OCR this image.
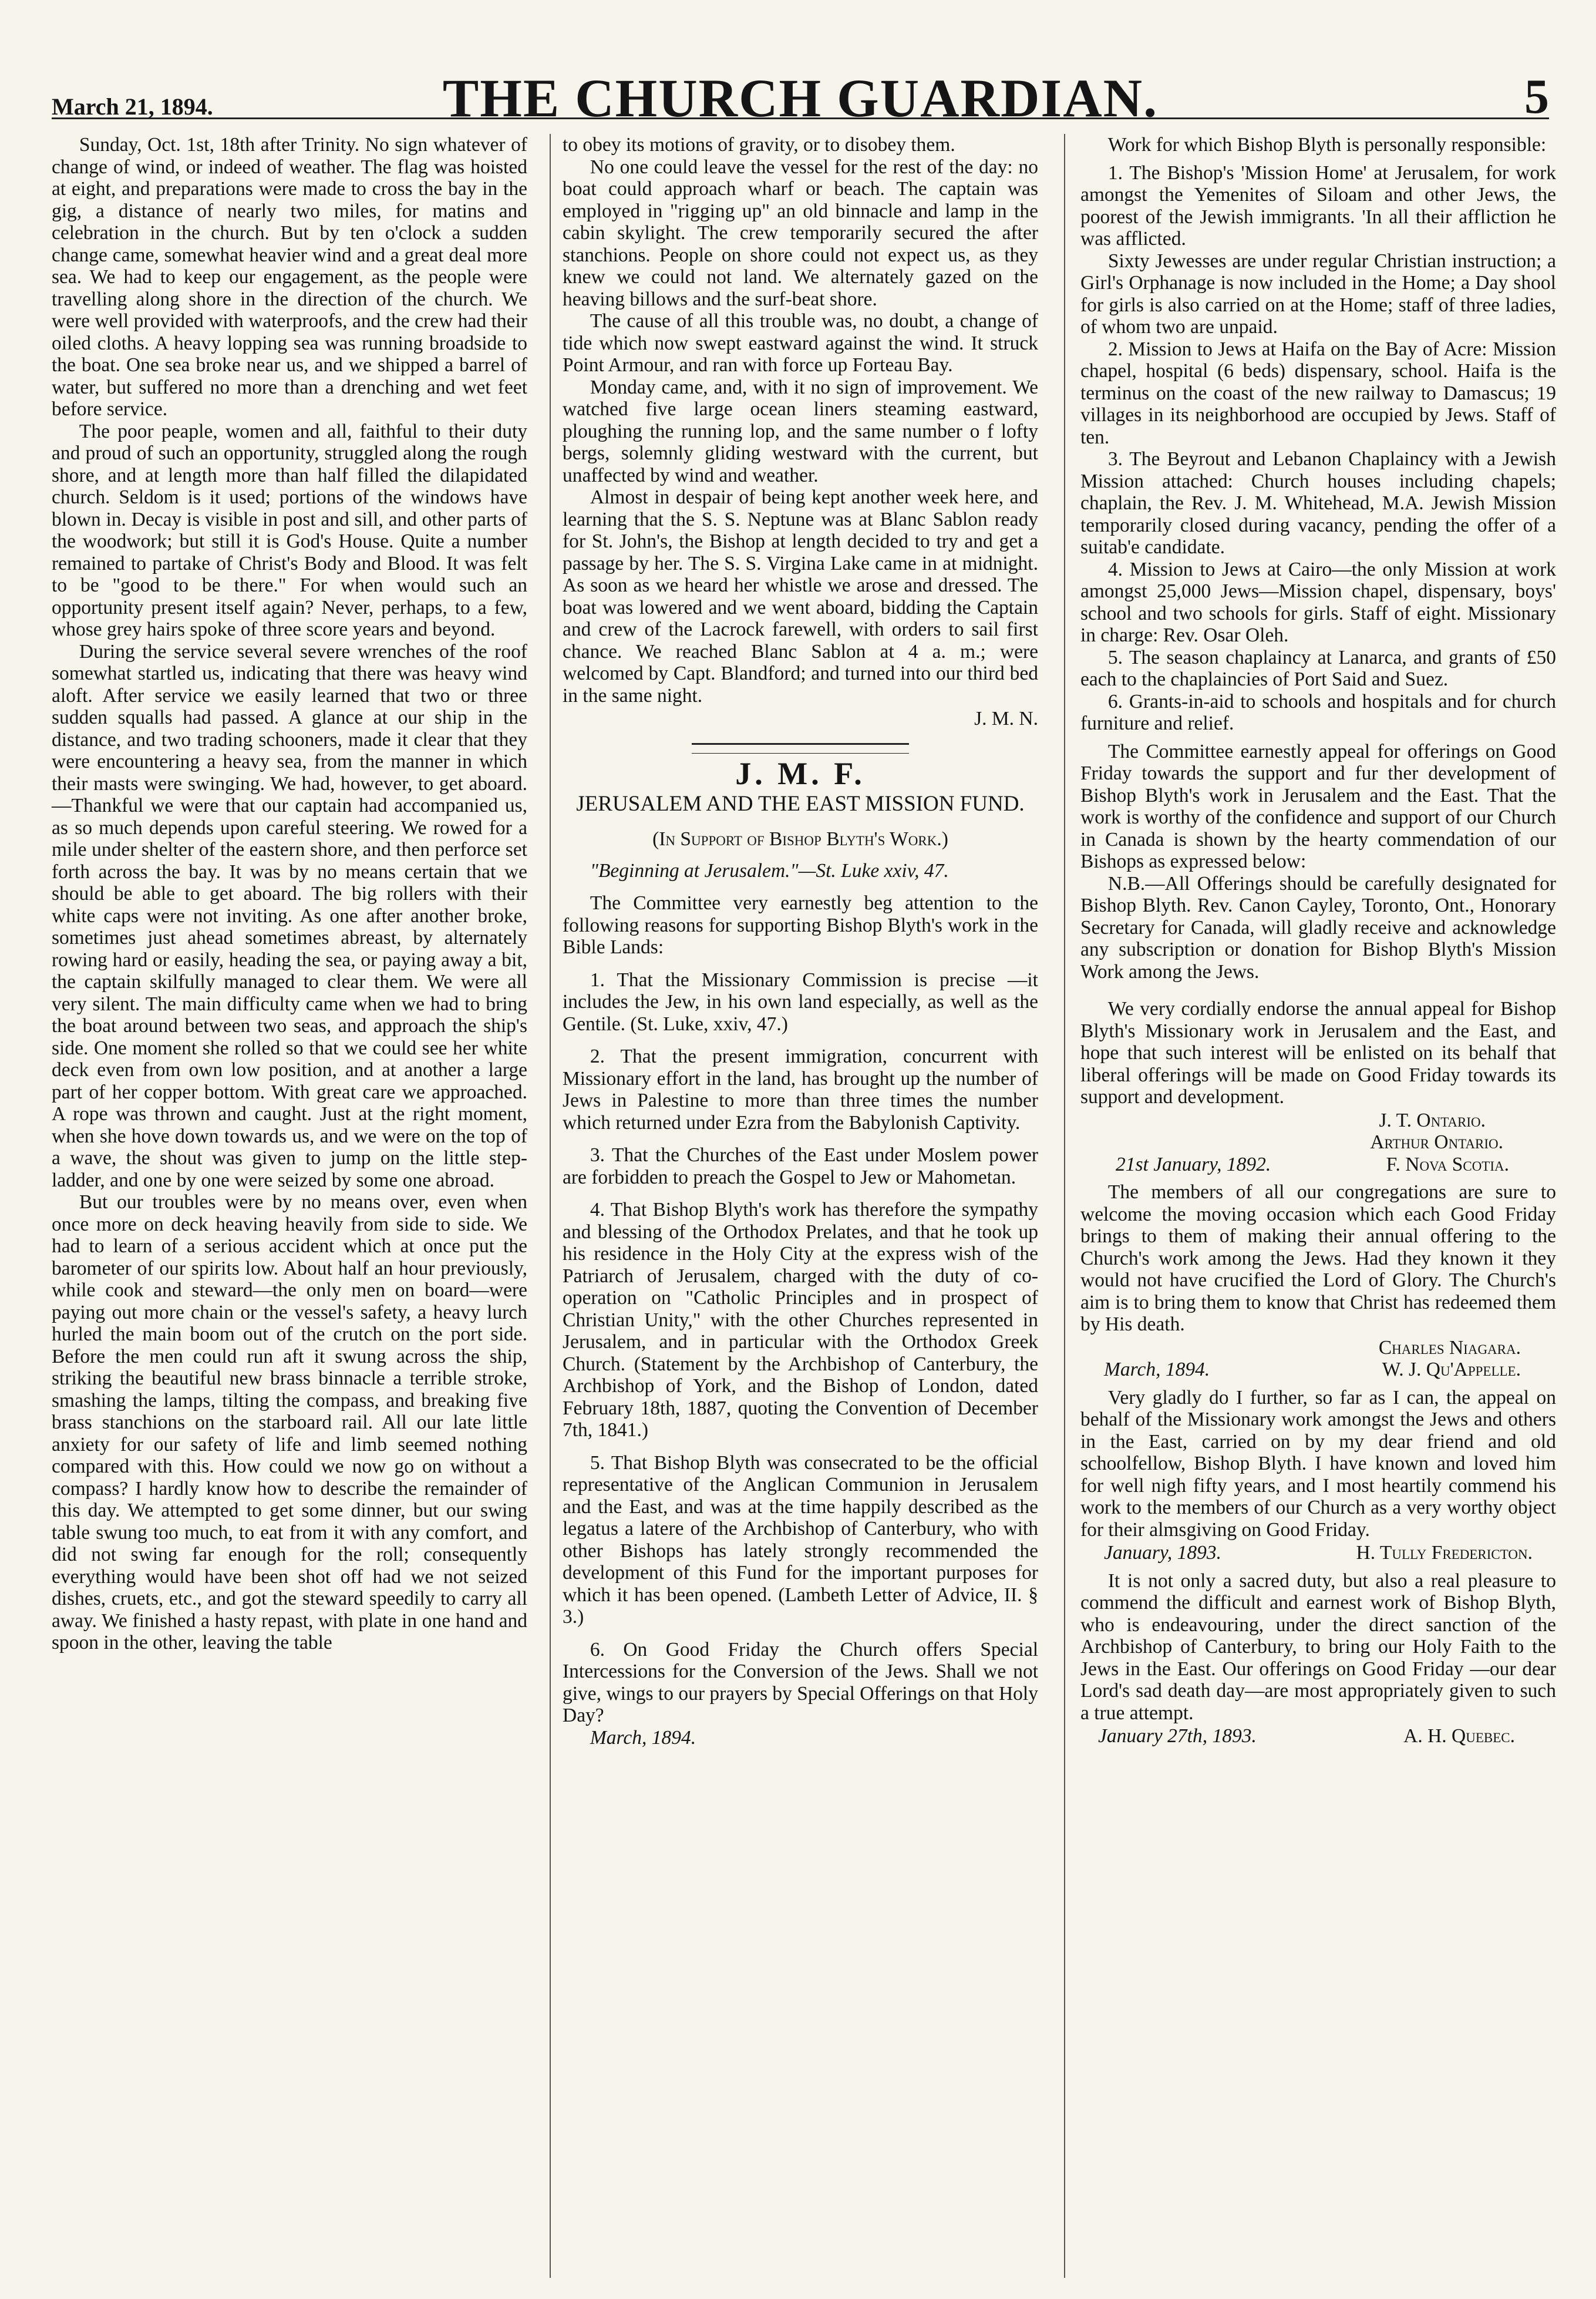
March 21, 1894.	THE CHURCH GUARDIAN.	5

Sunday, Oct. 1st, 18th after Trinity. No sign whatever of change of wind, or indeed of weather. The flag was hoisted at eight, and preparations were made to cross the bay in the gig, a distance of nearly two miles, for matins and celebration in the church. But by ten o'clock a sudden change came, somewhat heavier wind and a great deal more sea. We had to keep our engagement, as the people were travelling along shore in the direction of the church. We were well provided with waterproofs, and the crew had their oiled cloths. A heavy lopping sea was running broadside to the boat. One sea broke near us, and we shipped a barrel of water, but suffered no more than a drenching and wet feet before service.

The poor peaple, women and all, faithful to their duty and proud of such an opportunity, struggled along the rough shore, and at length more than half filled the dilapidated church. Seldom is it used; portions of the windows have blown in. Decay is visible in post and sill, and other parts of the woodwork; but still it is God's House. Quite a number remained to partake of Christ's Body and Blood. It was felt to be "good to be there." For when would such an opportunity present itself again? Never, perhaps, to a few, whose grey hairs spoke of three score years and beyond.

During the service several severe wrenches of the roof somewhat startled us, indicating that there was heavy wind aloft. After service we easily learned that two or three sudden squalls had passed. A glance at our ship in the distance, and two trading schooners, made it clear that they were encountering a heavy sea, from the manner in which their masts were swinging. We had, however, to get aboard. —Thankful we were that our captain had accompanied us, as so much depends upon careful steering. We rowed for a mile under shelter of the eastern shore, and then perforce set forth across the bay. It was by no means certain that we should be able to get aboard. The big rollers with their white caps were not inviting. As one after another broke, sometimes just ahead sometimes abreast, by alternately rowing hard or easily, heading the sea, or paying away a bit, the captain skilfully managed to clear them. We were all very silent. The main difficulty came when we had to bring the boat around between two seas, and approach the ship's side. One moment she rolled so that we could see her white deck even from own low position, and at another a large part of her copper bottom. With great care we approached. A rope was thrown and caught. Just at the right moment, when she hove down towards us, and we were on the top of a wave, the shout was given to jump on the little step-ladder, and one by one were seized by some one abroad.

But our troubles were by no means over, even when once more on deck heaving heavily from side to side. We had to learn of a serious accident which at once put the barometer of our spirits low. About half an hour previously, while cook and steward—the only men on board—were paying out more chain or the vessel's safety, a heavy lurch hurled the main boom out of the crutch on the port side. Before the men could run aft it swung across the ship, striking the beautiful new brass binnacle a terrible stroke, smashing the lamps, tilting the compass, and breaking five brass stanchions on the starboard rail. All our late little anxiety for our safety of life and limb seemed nothing compared with this. How could we now go on without a compass? I hardly know how to describe the remainder of this day. We attempted to get some dinner, but our swing table swung too much, to eat from it with any comfort, and did not swing far enough for the roll; consequently everything would have been shot off had we not seized dishes, cruets, etc., and got the steward speedily to carry all away. We finished a hasty repast, with plate in one hand and spoon in the other, leaving the table

to obey its motions of gravity, or to disobey them.

No one could leave the vessel for the rest of the day: no boat could approach wharf or beach. The captain was employed in "rigging up" an old binnacle and lamp in the cabin skylight. The crew temporarily secured the after stanchions. People on shore could not expect us, as they knew we could not land. We alternately gazed on the heaving billows and the surf-beat shore.

The cause of all this trouble was, no doubt, a change of tide which now swept eastward against the wind. It struck Point Armour, and ran with force up Forteau Bay.

Monday came, and, with it no sign of improvement. We watched five large ocean liners steaming eastward, ploughing the running lop, and the same number o f lofty bergs, solemnly gliding westward with the current, but unaffected by wind and weather.

Almost in despair of being kept another week here, and learning that the S. S. Neptune was at Blanc Sablon ready for St. John's, the Bishop at length decided to try and get a passage by her. The S. S. Virgina Lake came in at midnight. As soon as we heard her whistle we arose and dressed. The boat was lowered and we went aboard, bidding the Captain and crew of the Lacrock farewell, with orders to sail first chance. We reached Blanc Sablon at 4 a. m.; were welcomed by Capt. Blandford; and turned into our third bed in the same night.

J. M. N.
J. M. F.
JERUSALEM AND THE EAST MISSION FUND.
(In Support of Bishop Blyth's Work.)

"Beginning at Jerusalem."—St. Luke xxiv, 47.

The Committee very earnestly beg attention to the following reasons for supporting Bishop Blyth's work in the Bible Lands:

1. That the Missionary Commission is precise —it includes the Jew, in his own land especially, as well as the Gentile. (St. Luke, xxiv, 47.)

2. That the present immigration, concurrent with Missionary effort in the land, has brought up the number of Jews in Palestine to more than three times the number which returned under Ezra from the Babylonish Captivity.

3. That the Churches of the East under Moslem power are forbidden to preach the Gospel to Jew or Mahometan.

4. That Bishop Blyth's work has therefore the sympathy and blessing of the Orthodox Prelates, and that he took up his residence in the Holy City at the express wish of the Patriarch of Jerusalem, charged with the duty of co-operation on "Catholic Principles and in prospect of Christian Unity," with the other Churches represented in Jerusalem, and in particular with the Orthodox Greek Church. (Statement by the Archbishop of Canterbury, the Archbishop of York, and the Bishop of London, dated February 18th, 1887, quoting the Convention of December 7th, 1841.)

5. That Bishop Blyth was consecrated to be the official representative of the Anglican Communion in Jerusalem and the East, and was at the time happily described as the legatus a latere of the Archbishop of Canterbury, who with other Bishops has lately strongly recommended the development of this Fund for the important purposes for which it has been opened. (Lambeth Letter of Advice, II. § 3.)

6. On Good Friday the Church offers Special Intercessions for the Conversion of the Jews. Shall we not give, wings to our prayers by Special Offerings on that Holy Day?

March, 1894.

Work for which Bishop Blyth is personally responsible:

1. The Bishop's 'Mission Home' at Jerusalem, for work amongst the Yemenites of Siloam and other Jews, the poorest of the Jewish immigrants. 'In all their affliction he was afflicted.

Sixty Jewesses are under regular Christian instruction; a Girl's Orphanage is now included in the Home; a Day shool for girls is also carried on at the Home; staff of three ladies, of whom two are unpaid.

2. Mission to Jews at Haifa on the Bay of Acre: Mission chapel, hospital (6 beds) dispensary, school. Haifa is the terminus on the coast of the new railway to Damascus; 19 villages in its neighborhood are occupied by Jews. Staff of ten.

3. The Beyrout and Lebanon Chaplaincy with a Jewish Mission attached: Church houses including chapels; chaplain, the Rev. J. M. Whitehead, M.A. Jewish Mission temporarily closed during vacancy, pending the offer of a suitab'e candidate.

4. Mission to Jews at Cairo—the only Mission at work amongst 25,000 Jews—Mission chapel, dispensary, boys' school and two schools for girls. Staff of eight. Missionary in charge: Rev. Osar Oleh.

5. The season chaplaincy at Lanarca, and grants of £50 each to the chaplaincies of Port Said and Suez.

6. Grants-in-aid to schools and hospitals and for church furniture and relief.

The Committee earnestly appeal for offerings on Good Friday towards the support and fur ther development of Bishop Blyth's work in Jerusalem and the East. That the work is worthy of the confidence and support of our Church in Canada is shown by the hearty commendation of our Bishops as expressed below:

N.B.—All Offerings should be carefully designated for Bishop Blyth. Rev. Canon Cayley, Toronto, Ont., Honorary Secretary for Canada, will gladly receive and acknowledge any subscription or donation for Bishop Blyth's Mission Work among the Jews.

We very cordially endorse the annual appeal for Bishop Blyth's Missionary work in Jerusalem and the East, and hope that such interest will be enlisted on its behalf that liberal offerings will be made on Good Friday towards its support and development.

J. T. Ontario.
Arthur Ontario.
21st January, 1892.	F. Nova Scotia.

The members of all our congregations are sure to welcome the moving occasion which each Good Friday brings to them of making their annual offering to the Church's work among the Jews. Had they known it they would not have crucified the Lord of Glory. The Church's aim is to bring them to know that Christ has redeemed them by His death.

Charles Niagara.
March, 1894.	W. J. Qu'Appelle.

Very gladly do I further, so far as I can, the appeal on behalf of the Missionary work amongst the Jews and others in the East, carried on by my dear friend and old schoolfellow, Bishop Blyth. I have known and loved him for well nigh fifty years, and I most heartily commend his work to the members of our Church as a very worthy object for their almsgiving on Good Friday.

January, 1893.	H. Tully Fredericton.

It is not only a sacred duty, but also a real pleasure to commend the difficult and earnest work of Bishop Blyth, who is endeavouring, under the direct sanction of the Archbishop of Canterbury, to bring our Holy Faith to the Jews in the East. Our offerings on Good Friday —our dear Lord's sad death day—are most appropriately given to such a true attempt.

January 27th, 1893.	A. H. Quebec.
